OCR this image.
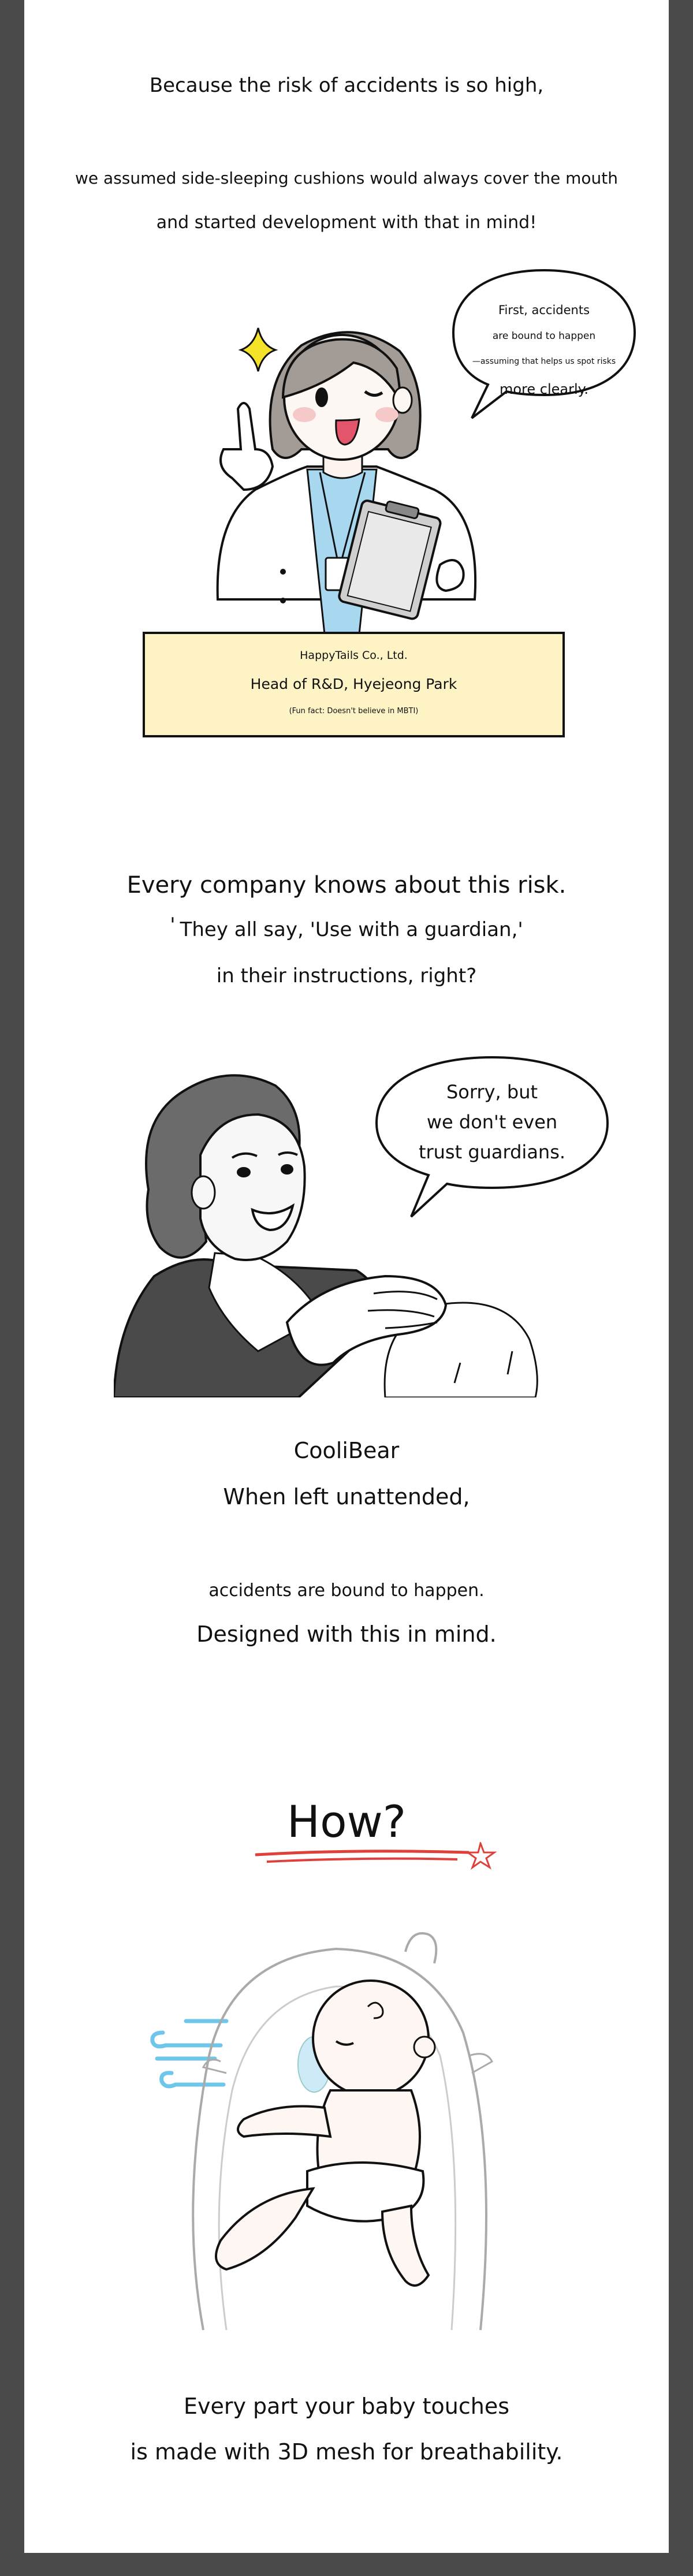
Because the risk of accidents is so high,
we assumed side-sleeping cushions would always cover the mouth
and started development with that in mind!
First, accidents
are bound to happen
—assuming that helps us spot risks
more clearly.
HappyTails Co., Ltd.
Head of R&D, Hyejeong Park
(Fun fact: Doesn't believe in MBTI)
Every company knows about this risk.
' They all say, 'Use with a guardian,'
in their instructions, right?
Sorry, but
we don't even
trust guardians.
CooliBear
When left unattended,
accidents are bound to happen.
Designed with this in mind.
How?
Every part your baby touches
is made with 3D mesh for breathability.
